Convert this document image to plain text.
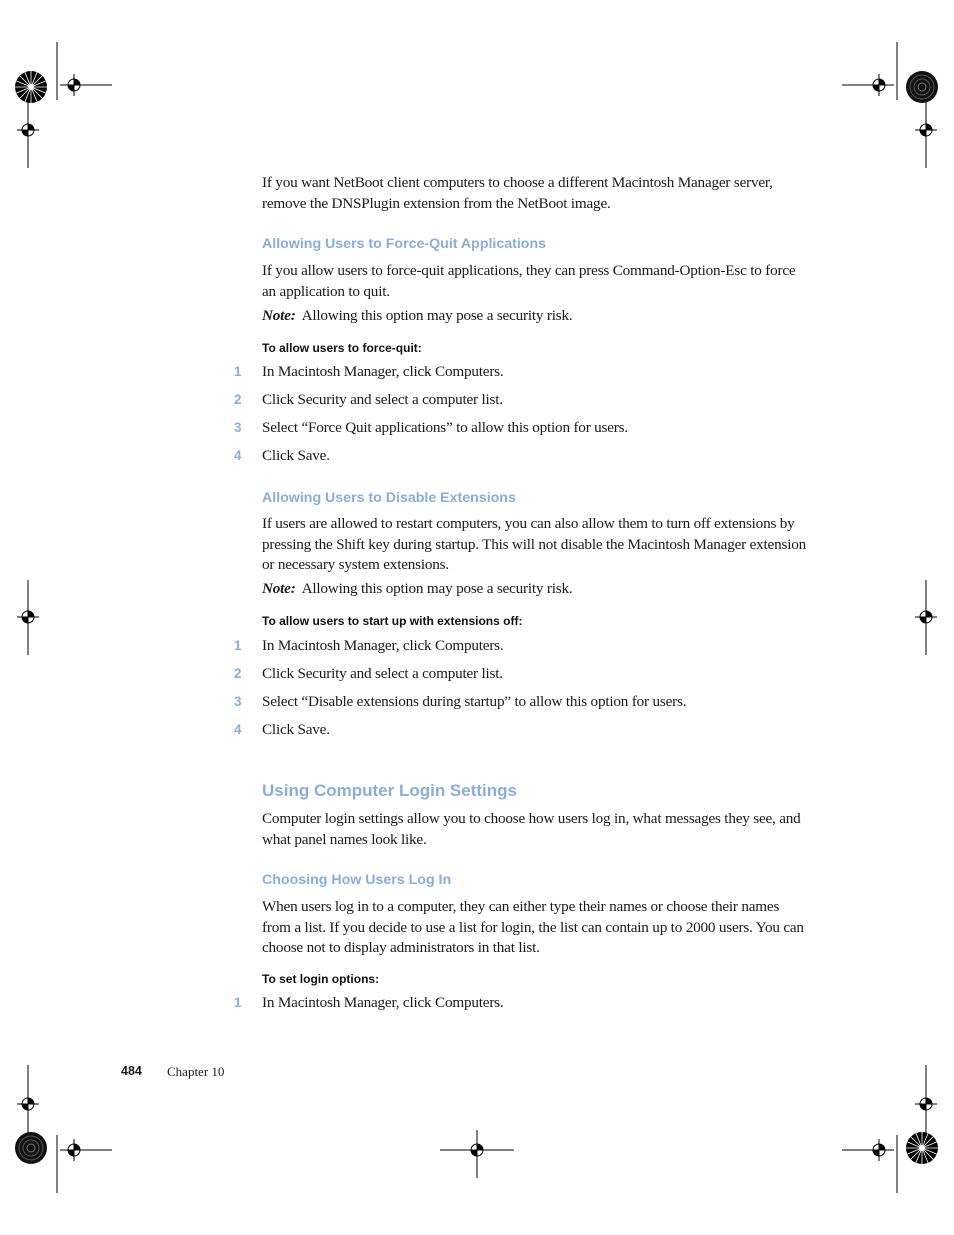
If you want NetBoot client computers to choose a different Macintosh Manager server, remove the DNSPlugin extension from the NetBoot image.

Allowing Users to Force-Quit Applications

If you allow users to force-quit applications, they can press Command-Option-Esc to force an application to quit.

Note: Allowing this option may pose a security risk.
To allow users to force-quit:
1 In Macintosh Manager, click Computers.
2 Click Security and select a computer list.
3 Select “Force Quit applications” to allow this option for users.
4 Click Save.
Allowing Users to Disable Extensions

If users are allowed to restart computers, you can also allow them to turn off extensions by pressing the Shift key during startup. This will not disable the Macintosh Manager extension or necessary system extensions.

Note: Allowing this option may pose a security risk.
To allow users to start up with extensions off:
1 In Macintosh Manager, click Computers.
2 Click Security and select a computer list.
3 Select “Disable extensions during startup” to allow this option for users.
4 Click Save.
Using Computer Login Settings

Computer login settings allow you to choose how users log in, what messages they see, and what panel names look like.

Choosing How Users Log In

When users log in to a computer, they can either type their names or choose their names from a list. If you decide to use a list for login, the list can contain up to 2000 users. You can choose not to display administrators in that list.

To set login options:
1 In Macintosh Manager, click Computers.
484 Chapter 10
